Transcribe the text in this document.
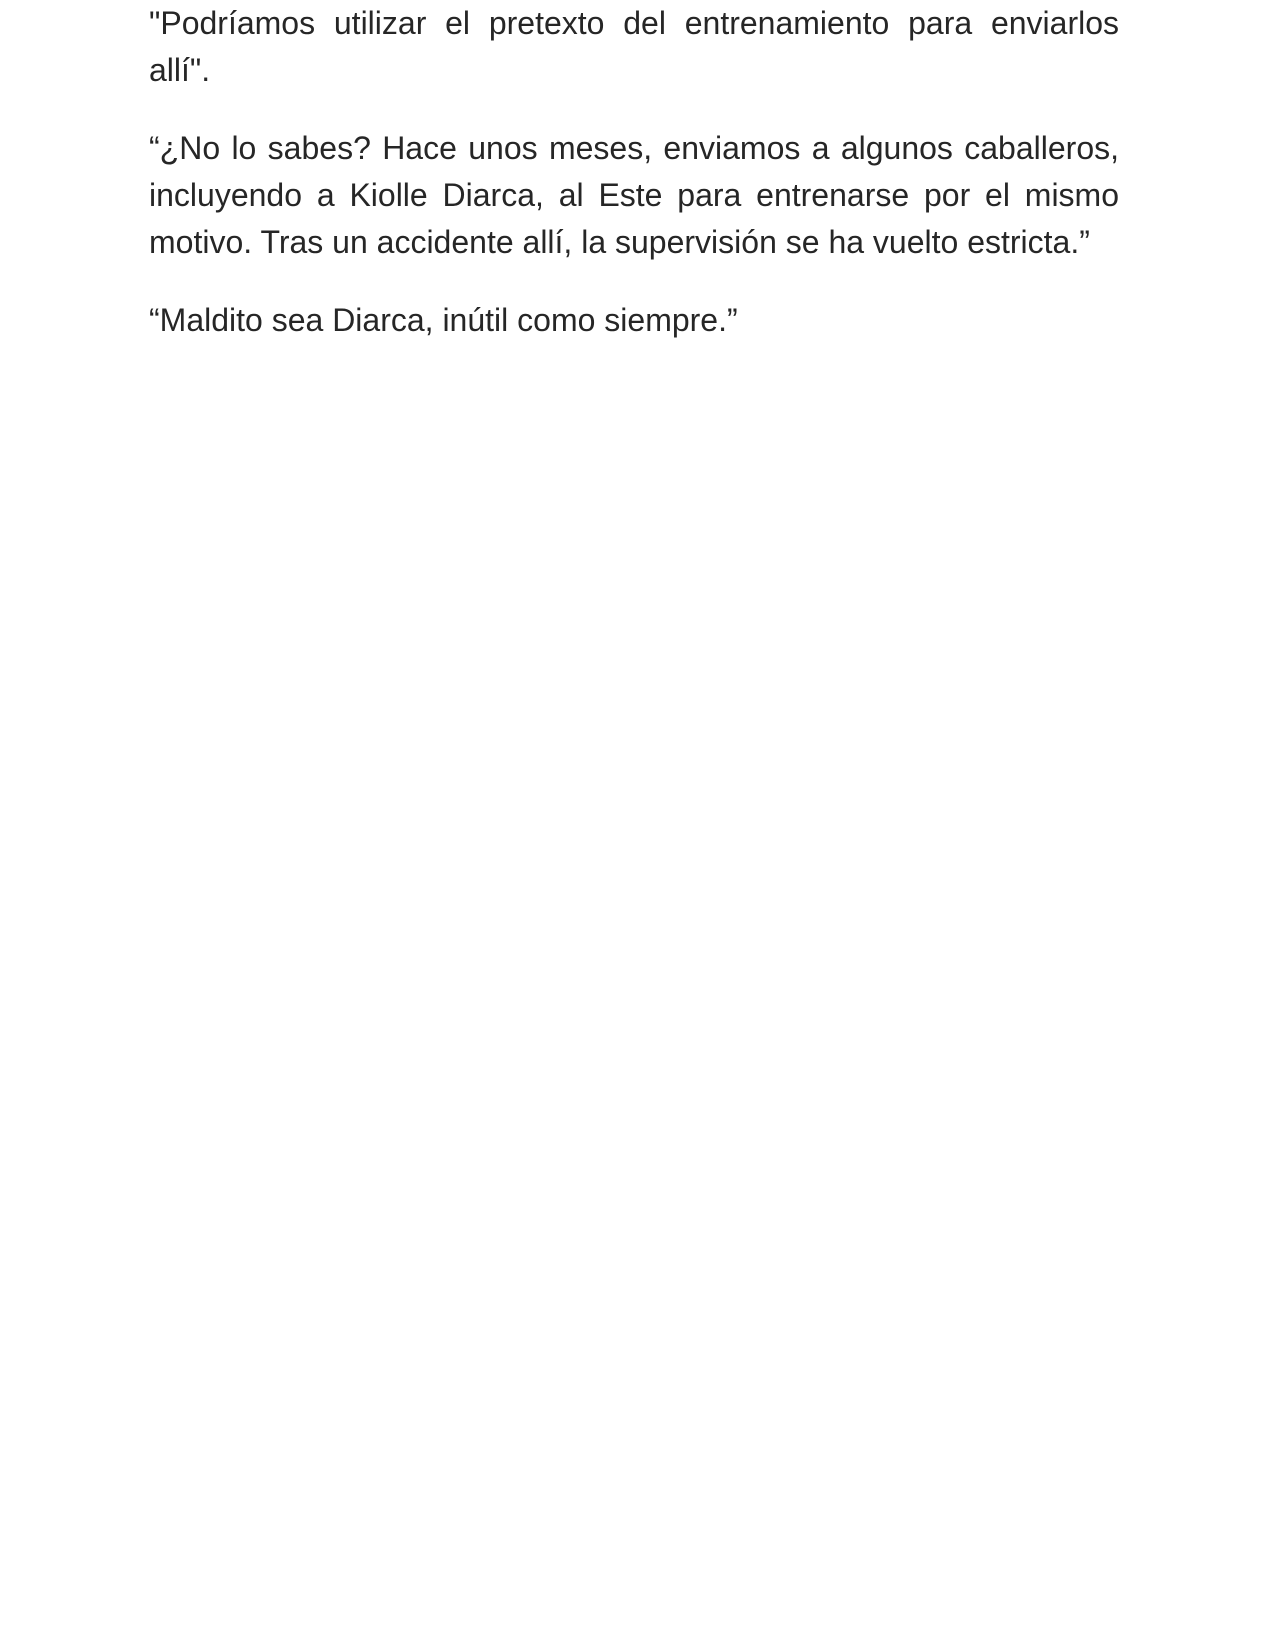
"Podríamos utilizar el pretexto del entrenamiento para enviarlos allí".

“¿No lo sabes? Hace unos meses, enviamos a algunos caballeros, incluyendo a Kiolle Diarca, al Este para entrenarse por el mismo motivo. Tras un accidente allí, la supervisión se ha vuelto estricta.”

“Maldito sea Diarca, inútil como siempre.”
